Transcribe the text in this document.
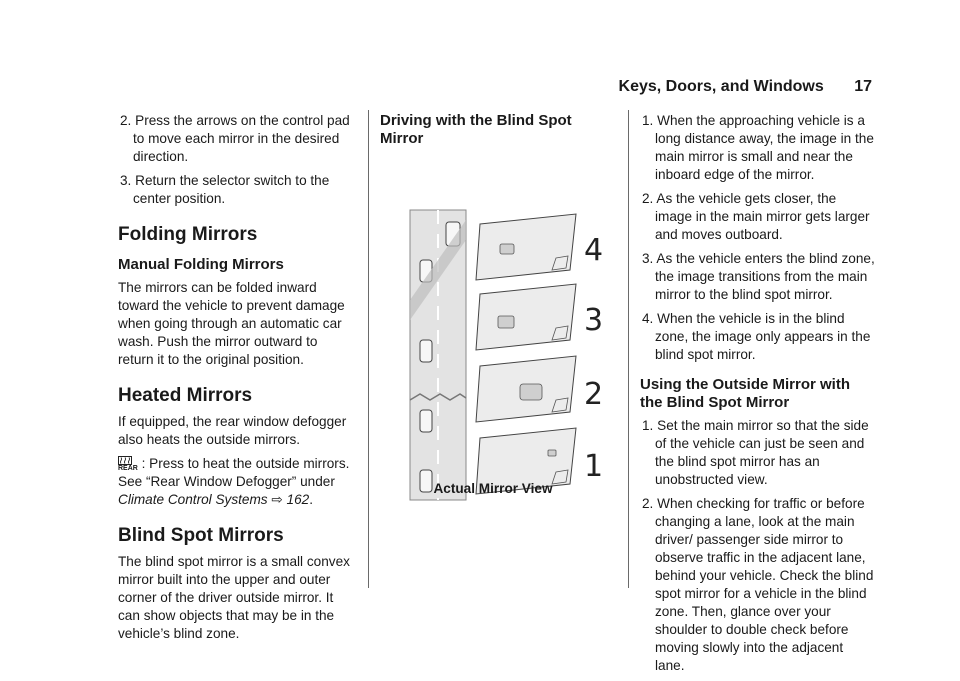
Keys, Doors, and Windows 17
2. Press the arrows on the control pad to move each mirror in the desired direction.
3. Return the selector switch to the center position.
Folding Mirrors
Manual Folding Mirrors

The mirrors can be folded inward toward the vehicle to prevent damage when going through an automatic car wash. Push the mirror outward to return it to the original position.

Heated Mirrors

If equipped, the rear window defogger also heats the outside mirrors.

REAR : Press to heat the outside mirrors. See “Rear Window Defogger” under Climate Control Systems ⇨ 162.

Blind Spot Mirrors

The blind spot mirror is a small convex mirror built into the upper and outer corner of the driver outside mirror. It can show objects that may be in the vehicle’s blind zone.

Driving with the Blind Spot Mirror
4
3
2
1
Actual Mirror View
1. When the approaching vehicle is a long distance away, the image in the main mirror is small and near the inboard edge of the mirror.
2. As the vehicle gets closer, the image in the main mirror gets larger and moves outboard.
3. As the vehicle enters the blind zone, the image transitions from the main mirror to the blind spot mirror.
4. When the vehicle is in the blind zone, the image only appears in the blind spot mirror.
Using the Outside Mirror with the Blind Spot Mirror
1. Set the main mirror so that the side of the vehicle can just be seen and the blind spot mirror has an unobstructed view.
2. When checking for traffic or before changing a lane, look at the main driver/ passenger side mirror to observe traffic in the adjacent lane, behind your vehicle. Check the blind spot mirror for a vehicle in the blind zone. Then, glance over your shoulder to double check before moving slowly into the adjacent lane.
